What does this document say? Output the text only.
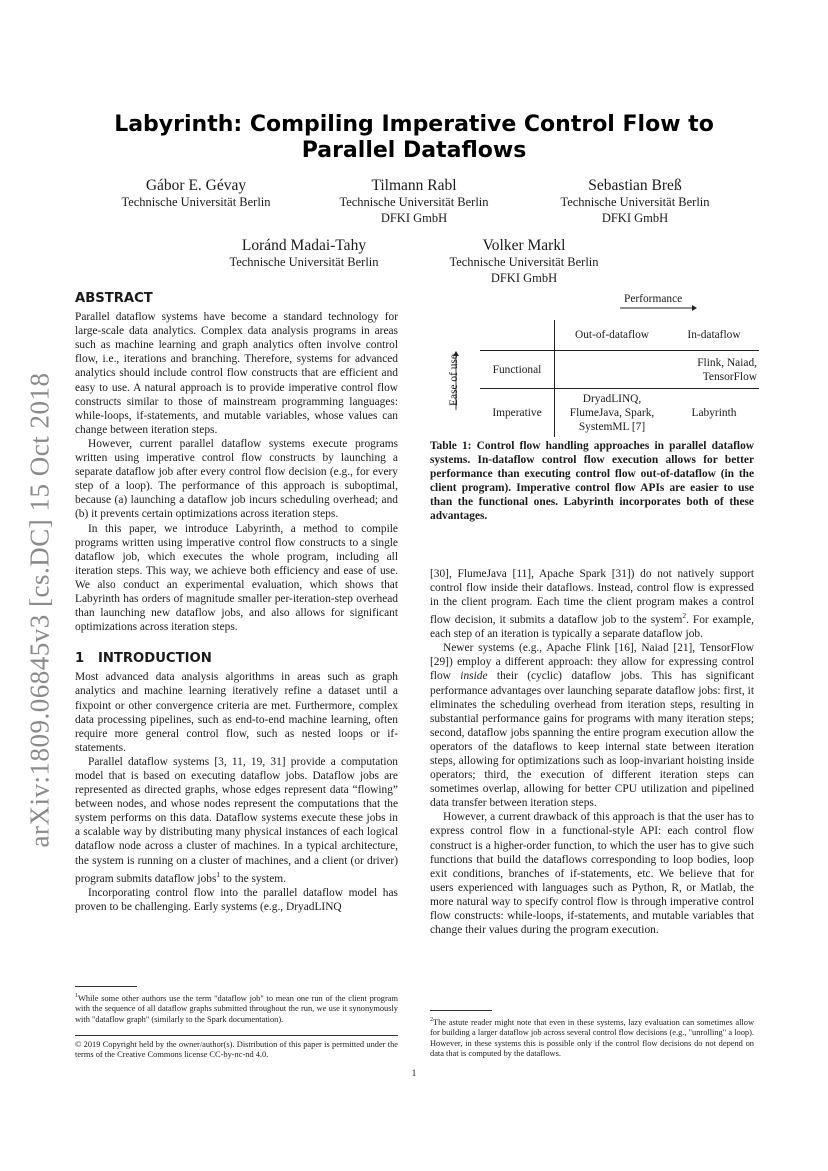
arXiv:1809.06845v3 [cs.DC] 15 Oct 2018
Labyrinth: Compiling Imperative Control Flow to Parallel Dataflows
Gábor E. Gévay
Technische Universität Berlin
Tilmann Rabl
Technische Universität Berlin
DFKI GmbH
Sebastian Breß
Technische Universität Berlin
DFKI GmbH
Loránd Madai-Tahy
Technische Universität Berlin
Volker Markl
Technische Universität Berlin
DFKI GmbH
ABSTRACT

Parallel dataflow systems have become a standard technology for large-scale data analytics. Complex data analysis programs in areas such as machine learning and graph analytics often involve control flow, i.e., iterations and branching. Therefore, systems for advanced analytics should include control flow constructs that are efficient and easy to use. A natural approach is to provide imperative control flow constructs similar to those of mainstream programming languages: while-loops, if-statements, and mutable variables, whose values can change between iteration steps.

However, current parallel dataflow systems execute programs written using imperative control flow constructs by launching a separate dataflow job after every control flow decision (e.g., for every step of a loop). The performance of this approach is suboptimal, because (a) launching a dataflow job incurs scheduling overhead; and (b) it prevents certain optimizations across iteration steps.

In this paper, we introduce Labyrinth, a method to compile programs written using imperative control flow constructs to a single dataflow job, which executes the whole program, including all iteration steps. This way, we achieve both efficiency and ease of use. We also conduct an experimental evaluation, which shows that Labyrinth has orders of magnitude smaller per-iteration-step overhead than launching new dataflow jobs, and also allows for significant optimizations across iteration steps.

1 INTRODUCTION

Most advanced data analysis algorithms in areas such as graph analytics and machine learning iteratively refine a dataset until a fixpoint or other convergence criteria are met. Furthermore, complex data processing pipelines, such as end-to-end machine learning, often require more general control flow, such as nested loops or if-statements.

Parallel dataflow systems [3, 11, 19, 31] provide a computation model that is based on executing dataflow jobs. Dataflow jobs are represented as directed graphs, whose edges represent data “flowing” between nodes, and whose nodes represent the computations that the system performs on this data. Dataflow systems execute these jobs in a scalable way by distributing many physical instances of each logical dataflow node across a cluster of machines. In a typical architecture, the system is running on a cluster of machines, and a client (or driver) program submits dataflow jobs$^1$ to the system.

Incorporating control flow into the parallel dataflow model has proven to be challenging. Early systems (e.g., DryadLINQ

$^1$While some other authors use the term "dataflow job" to mean one run of the client program with the sequence of all dataflow graphs submitted throughout the run, we use it synonymously with "dataflow graph" (similarly to the Spark documentation).

© 2019 Copyright held by the owner/author(s). Distribution of this paper is permitted under the terms of the Creative Commons license CC-by-nc-nd 4.0.
Performance
Ease of use
	Out-of-dataflow	In-dataflow
Functional		Flink, Naiad,
TensorFlow
Imperative	DryadLINQ,
FlumeJava, Spark,
SystemML [7]	Labyrinth
Table 1: Control flow handling approaches in parallel dataflow systems. In-dataflow control flow execution allows for better performance than executing control flow out-of-dataflow (in the client program). Imperative control flow APIs are easier to use than the functional ones. Labyrinth incorporates both of these advantages.

[30], FlumeJava [11], Apache Spark [31]) do not natively support control flow inside their dataflows. Instead, control flow is expressed in the client program. Each time the client program makes a control flow decision, it submits a dataflow job to the system$^2$. For example, each step of an iteration is typically a separate dataflow job.

Newer systems (e.g., Apache Flink [16], Naiad [21], TensorFlow [29]) employ a different approach: they allow for expressing control flow inside their (cyclic) dataflow jobs. This has significant performance advantages over launching separate dataflow jobs: first, it eliminates the scheduling overhead from iteration steps, resulting in substantial performance gains for programs with many iteration steps; second, dataflow jobs spanning the entire program execution allow the operators of the dataflows to keep internal state between iteration steps, allowing for optimizations such as loop-invariant hoisting inside operators; third, the execution of different iteration steps can sometimes overlap, allowing for better CPU utilization and pipelined data transfer between iteration steps.

However, a current drawback of this approach is that the user has to express control flow in a functional-style API: each control flow construct is a higher-order function, to which the user has to give such functions that build the dataflows corresponding to loop bodies, loop exit conditions, branches of if-statements, etc. We believe that for users experienced with languages such as Python, R, or Matlab, the more natural way to specify control flow is through imperative control flow constructs: while-loops, if-statements, and mutable variables that change their values during the program execution.

$^2$The astute reader might note that even in these systems, lazy evaluation can sometimes allow for building a larger dataflow job across several control flow decisions (e.g., "unrolling" a loop). However, in these systems this is possible only if the control flow decisions do not depend on data that is computed by the dataflows.

1
